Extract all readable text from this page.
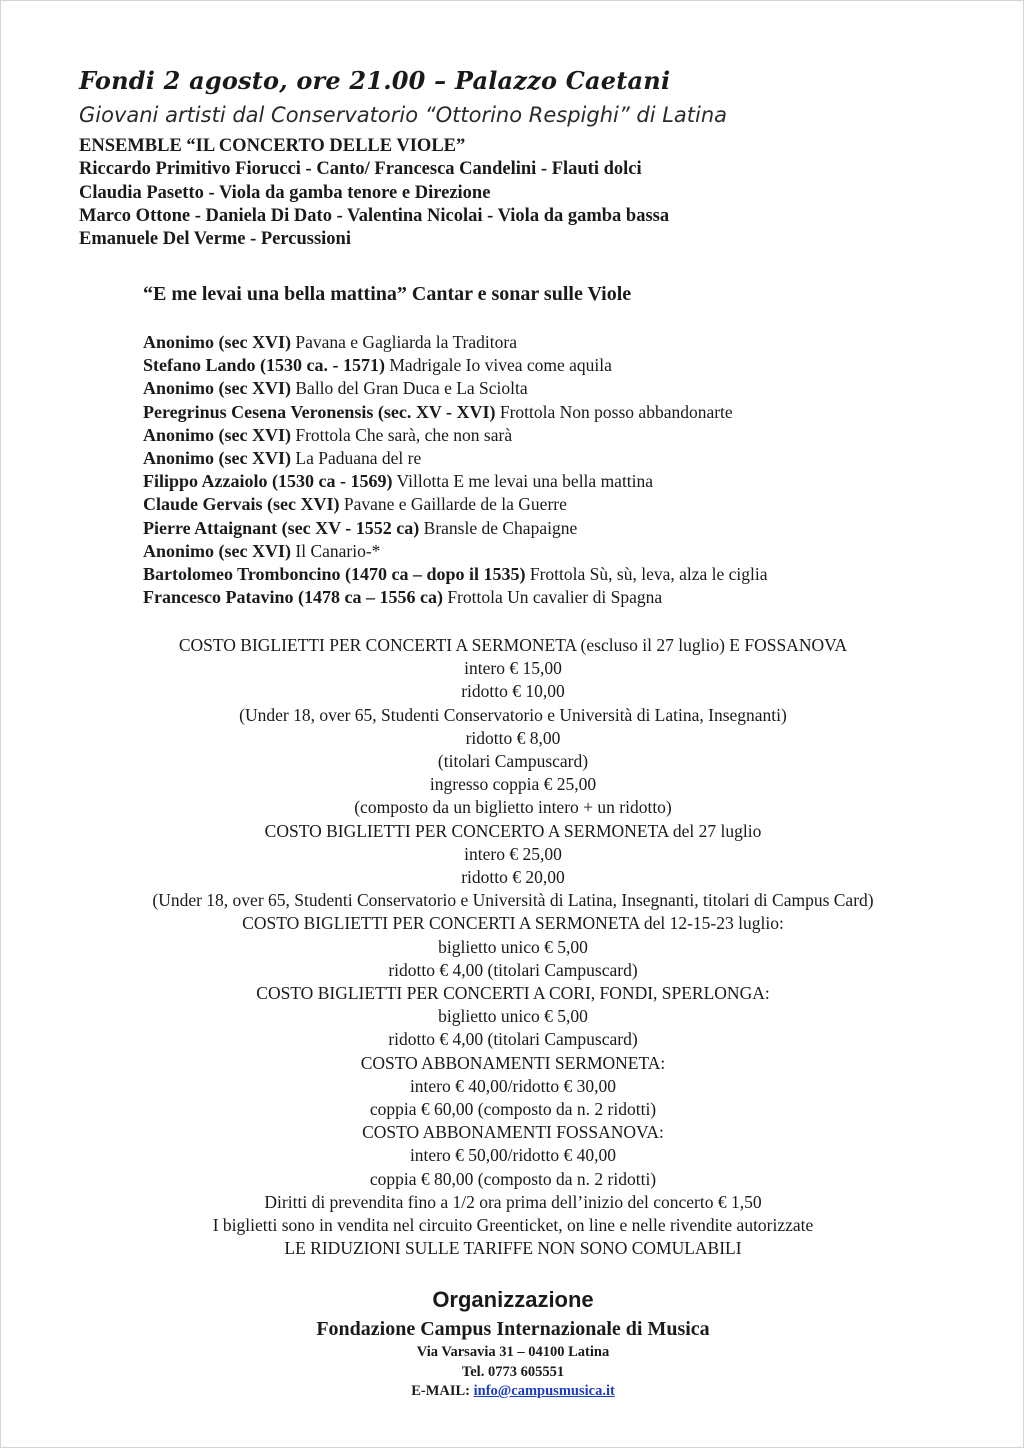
Fondi 2 agosto, ore 21.00 – Palazzo Caetani
Giovani artisti dal Conservatorio “Ottorino Respighi” di Latina
ENSEMBLE “IL CONCERTO DELLE VIOLE”
Riccardo Primitivo Fiorucci - Canto/ Francesca Candelini - Flauti dolci
Claudia Pasetto - Viola da gamba tenore e Direzione
Marco Ottone - Daniela Di Dato - Valentina Nicolai - Viola da gamba bassa
Emanuele Del Verme - Percussioni
“E me levai una bella mattina” Cantar e sonar sulle Viole
Anonimo (sec XVI) Pavana e Gagliarda la Traditora
Stefano Lando (1530 ca. - 1571) Madrigale Io vivea come aquila
Anonimo (sec XVI) Ballo del Gran Duca e La Sciolta
Peregrinus Cesena Veronensis (sec. XV - XVI) Frottola Non posso abbandonarte
Anonimo (sec XVI) Frottola Che sarà, che non sarà
Anonimo (sec XVI) La Paduana del re
Filippo Azzaiolo (1530 ca - 1569) Villotta E me levai una bella mattina
Claude Gervais (sec XVI) Pavane e Gaillarde de la Guerre
Pierre Attaignant (sec XV - 1552 ca) Bransle de Chapaigne
Anonimo (sec XVI) Il Canario-*
Bartolomeo Tromboncino (1470 ca – dopo il 1535) Frottola Sù, sù, leva, alza le ciglia
Francesco Patavino (1478 ca – 1556 ca) Frottola Un cavalier di Spagna
COSTO BIGLIETTI PER CONCERTI A SERMONETA (escluso il 27 luglio) E FOSSANOVA
intero € 15,00
ridotto € 10,00
(Under 18, over 65, Studenti Conservatorio e Università di Latina, Insegnanti)
ridotto € 8,00
(titolari Campuscard)
ingresso coppia € 25,00
(composto da un biglietto intero + un ridotto)
COSTO BIGLIETTI PER CONCERTO A SERMONETA del 27 luglio
intero € 25,00
ridotto € 20,00
(Under 18, over 65, Studenti Conservatorio e Università di Latina, Insegnanti, titolari di Campus Card)
COSTO BIGLIETTI PER CONCERTI A SERMONETA del 12-15-23 luglio:
biglietto unico € 5,00
ridotto € 4,00 (titolari Campuscard)
COSTO BIGLIETTI PER CONCERTI A CORI, FONDI, SPERLONGA:
biglietto unico € 5,00
ridotto € 4,00 (titolari Campuscard)
COSTO ABBONAMENTI SERMONETA:
intero € 40,00/ridotto € 30,00
coppia € 60,00 (composto da n. 2 ridotti)
COSTO ABBONAMENTI FOSSANOVA:
intero € 50,00/ridotto € 40,00
coppia € 80,00 (composto da n. 2 ridotti)
Diritti di prevendita fino a 1/2 ora prima dell’inizio del concerto € 1,50
I biglietti sono in vendita nel circuito Greenticket, on line e nelle rivendite autorizzate
LE RIDUZIONI SULLE TARIFFE NON SONO COMULABILI
Organizzazione
Fondazione Campus Internazionale di Musica
Via Varsavia 31 – 04100 Latina
Tel. 0773 605551
E-MAIL: info@campusmusica.it
